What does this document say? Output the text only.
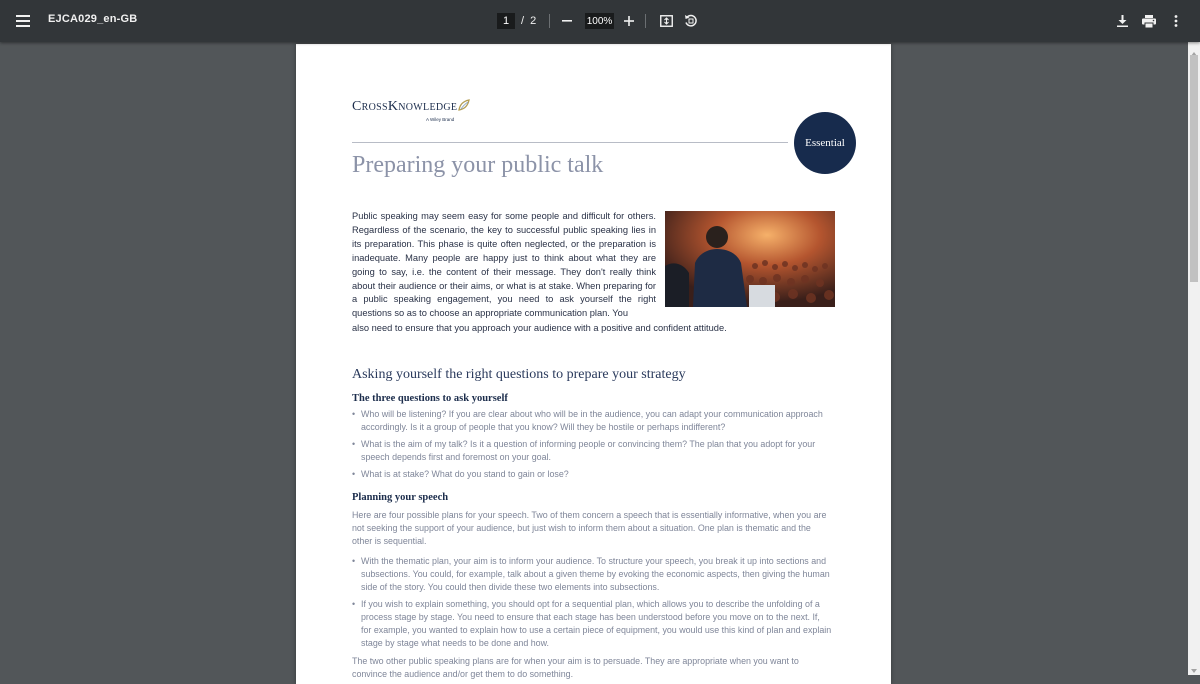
EJCA029_en-GB
1	/ 2
100%
CrossKnowledge
A Wiley Brand
Essential
Preparing your public talk
Public speaking may seem easy for some people and difficult for others. Regardless of the scenario, the key to successful public speaking lies in its preparation. This phase is quite often neglected, or the preparation is inadequate. Many people are happy just to think about what they are going to say, i.e. the content of their message. They don't really think about their audience or their aims, or what is at stake. When preparing for a public speaking engagement, you need to ask yourself the right questions so as to choose an appropriate communication plan. You
also need to ensure that you approach your audience with a positive and confident attitude.
Asking yourself the right questions to prepare your strategy
The three questions to ask yourself
• Who will be listening? If you are clear about who will be in the audience, you can adapt your communication approach accordingly. Is it a group of people that you know? Will they be hostile or perhaps indifferent?
• What is the aim of my talk? Is it a question of informing people or convincing them? The plan that you adopt for your speech depends first and foremost on your goal.
• What is at stake? What do you stand to gain or lose?
Planning your speech
Here are four possible plans for your speech. Two of them concern a speech that is essentially informative, when you are not seeking the support of your audience, but just wish to inform them about a situation. One plan is thematic and the other is sequential.
• With the thematic plan, your aim is to inform your audience. To structure your speech, you break it up into sections and subsections. You could, for example, talk about a given theme by evoking the economic aspects, then giving the human side of the story. You could then divide these two elements into subsections.
• If you wish to explain something, you should opt for a sequential plan, which allows you to describe the unfolding of a process stage by stage. You need to ensure that each stage has been understood before you move on to the next. If, for example, you wanted to explain how to use a certain piece of equipment, you would use this kind of plan and explain stage by stage what needs to be done and how.
The two other public speaking plans are for when your aim is to persuade. They are appropriate when you want to convince the audience and/or get them to do something.
